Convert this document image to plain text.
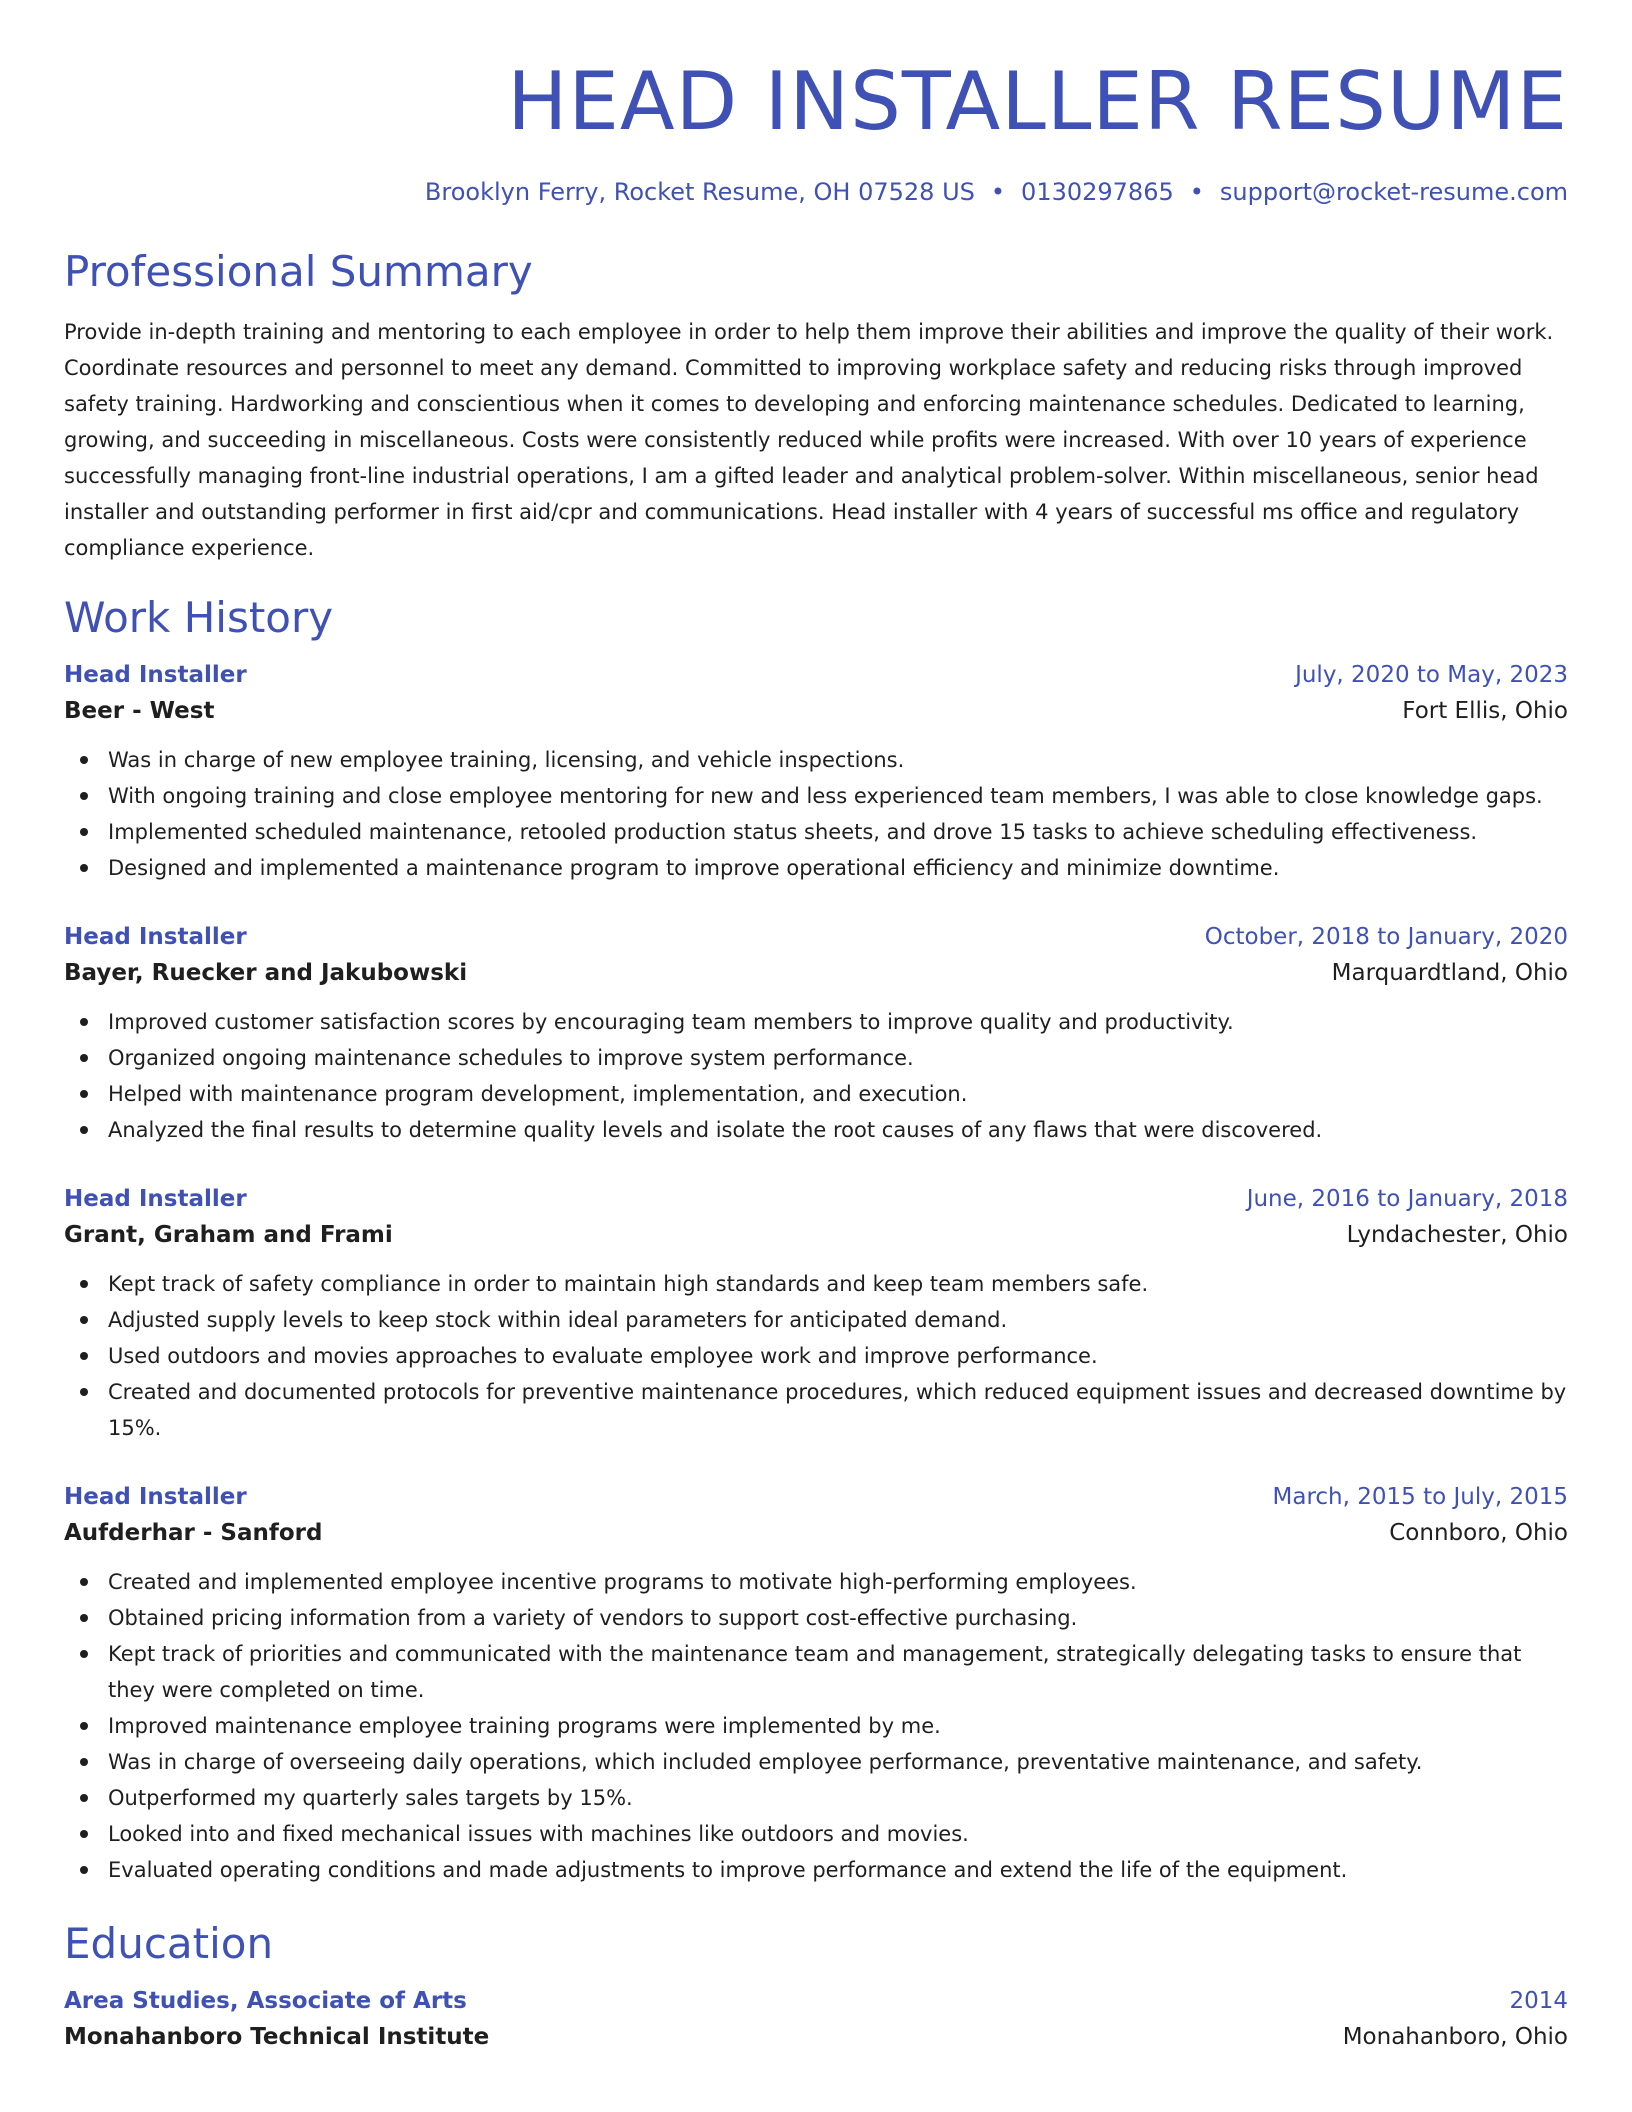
HEAD INSTALLER RESUME
Brooklyn Ferry, Rocket Resume, OH 07528 US • 0130297865 • support@rocket-resume.com
Professional Summary

Provide in-depth training and mentoring to each employee in order to help them improve their abilities and improve the quality of their work. Coordinate resources and personnel to meet any demand. Committed to improving workplace safety and reducing risks through improved safety training. Hardworking and conscientious when it comes to developing and enforcing maintenance schedules. Dedicated to learning, growing, and succeeding in miscellaneous. Costs were consistently reduced while profits were increased. With over 10 years of experience successfully managing front-line industrial operations, I am a gifted leader and analytical problem-solver. Within miscellaneous, senior head installer and outstanding performer in first aid/cpr and communications. Head installer with 4 years of successful ms office and regulatory compliance experience.

Work History
Head Installer	July, 2020 to May, 2023
Beer - West	Fort Ellis, Ohio
Was in charge of new employee training, licensing, and vehicle inspections.
With ongoing training and close employee mentoring for new and less experienced team members, I was able to close knowledge gaps.
Implemented scheduled maintenance, retooled production status sheets, and drove 15 tasks to achieve scheduling effectiveness.
Designed and implemented a maintenance program to improve operational efficiency and minimize downtime.
Head Installer	October, 2018 to January, 2020
Bayer, Ruecker and Jakubowski	Marquardtland, Ohio
Improved customer satisfaction scores by encouraging team members to improve quality and productivity.
Organized ongoing maintenance schedules to improve system performance.
Helped with maintenance program development, implementation, and execution.
Analyzed the final results to determine quality levels and isolate the root causes of any flaws that were discovered.
Head Installer	June, 2016 to January, 2018
Grant, Graham and Frami	Lyndachester, Ohio
Kept track of safety compliance in order to maintain high standards and keep team members safe.
Adjusted supply levels to keep stock within ideal parameters for anticipated demand.
Used outdoors and movies approaches to evaluate employee work and improve performance.
Created and documented protocols for preventive maintenance procedures, which reduced equipment issues and decreased downtime by 15%.
Head Installer	March, 2015 to July, 2015
Aufderhar - Sanford	Connboro, Ohio
Created and implemented employee incentive programs to motivate high-performing employees.
Obtained pricing information from a variety of vendors to support cost-effective purchasing.
Kept track of priorities and communicated with the maintenance team and management, strategically delegating tasks to ensure that they were completed on time.
Improved maintenance employee training programs were implemented by me.
Was in charge of overseeing daily operations, which included employee performance, preventative maintenance, and safety.
Outperformed my quarterly sales targets by 15%.
Looked into and fixed mechanical issues with machines like outdoors and movies.
Evaluated operating conditions and made adjustments to improve performance and extend the life of the equipment.
Education
Area Studies, Associate of Arts	2014
Monahanboro Technical Institute	Monahanboro, Ohio
